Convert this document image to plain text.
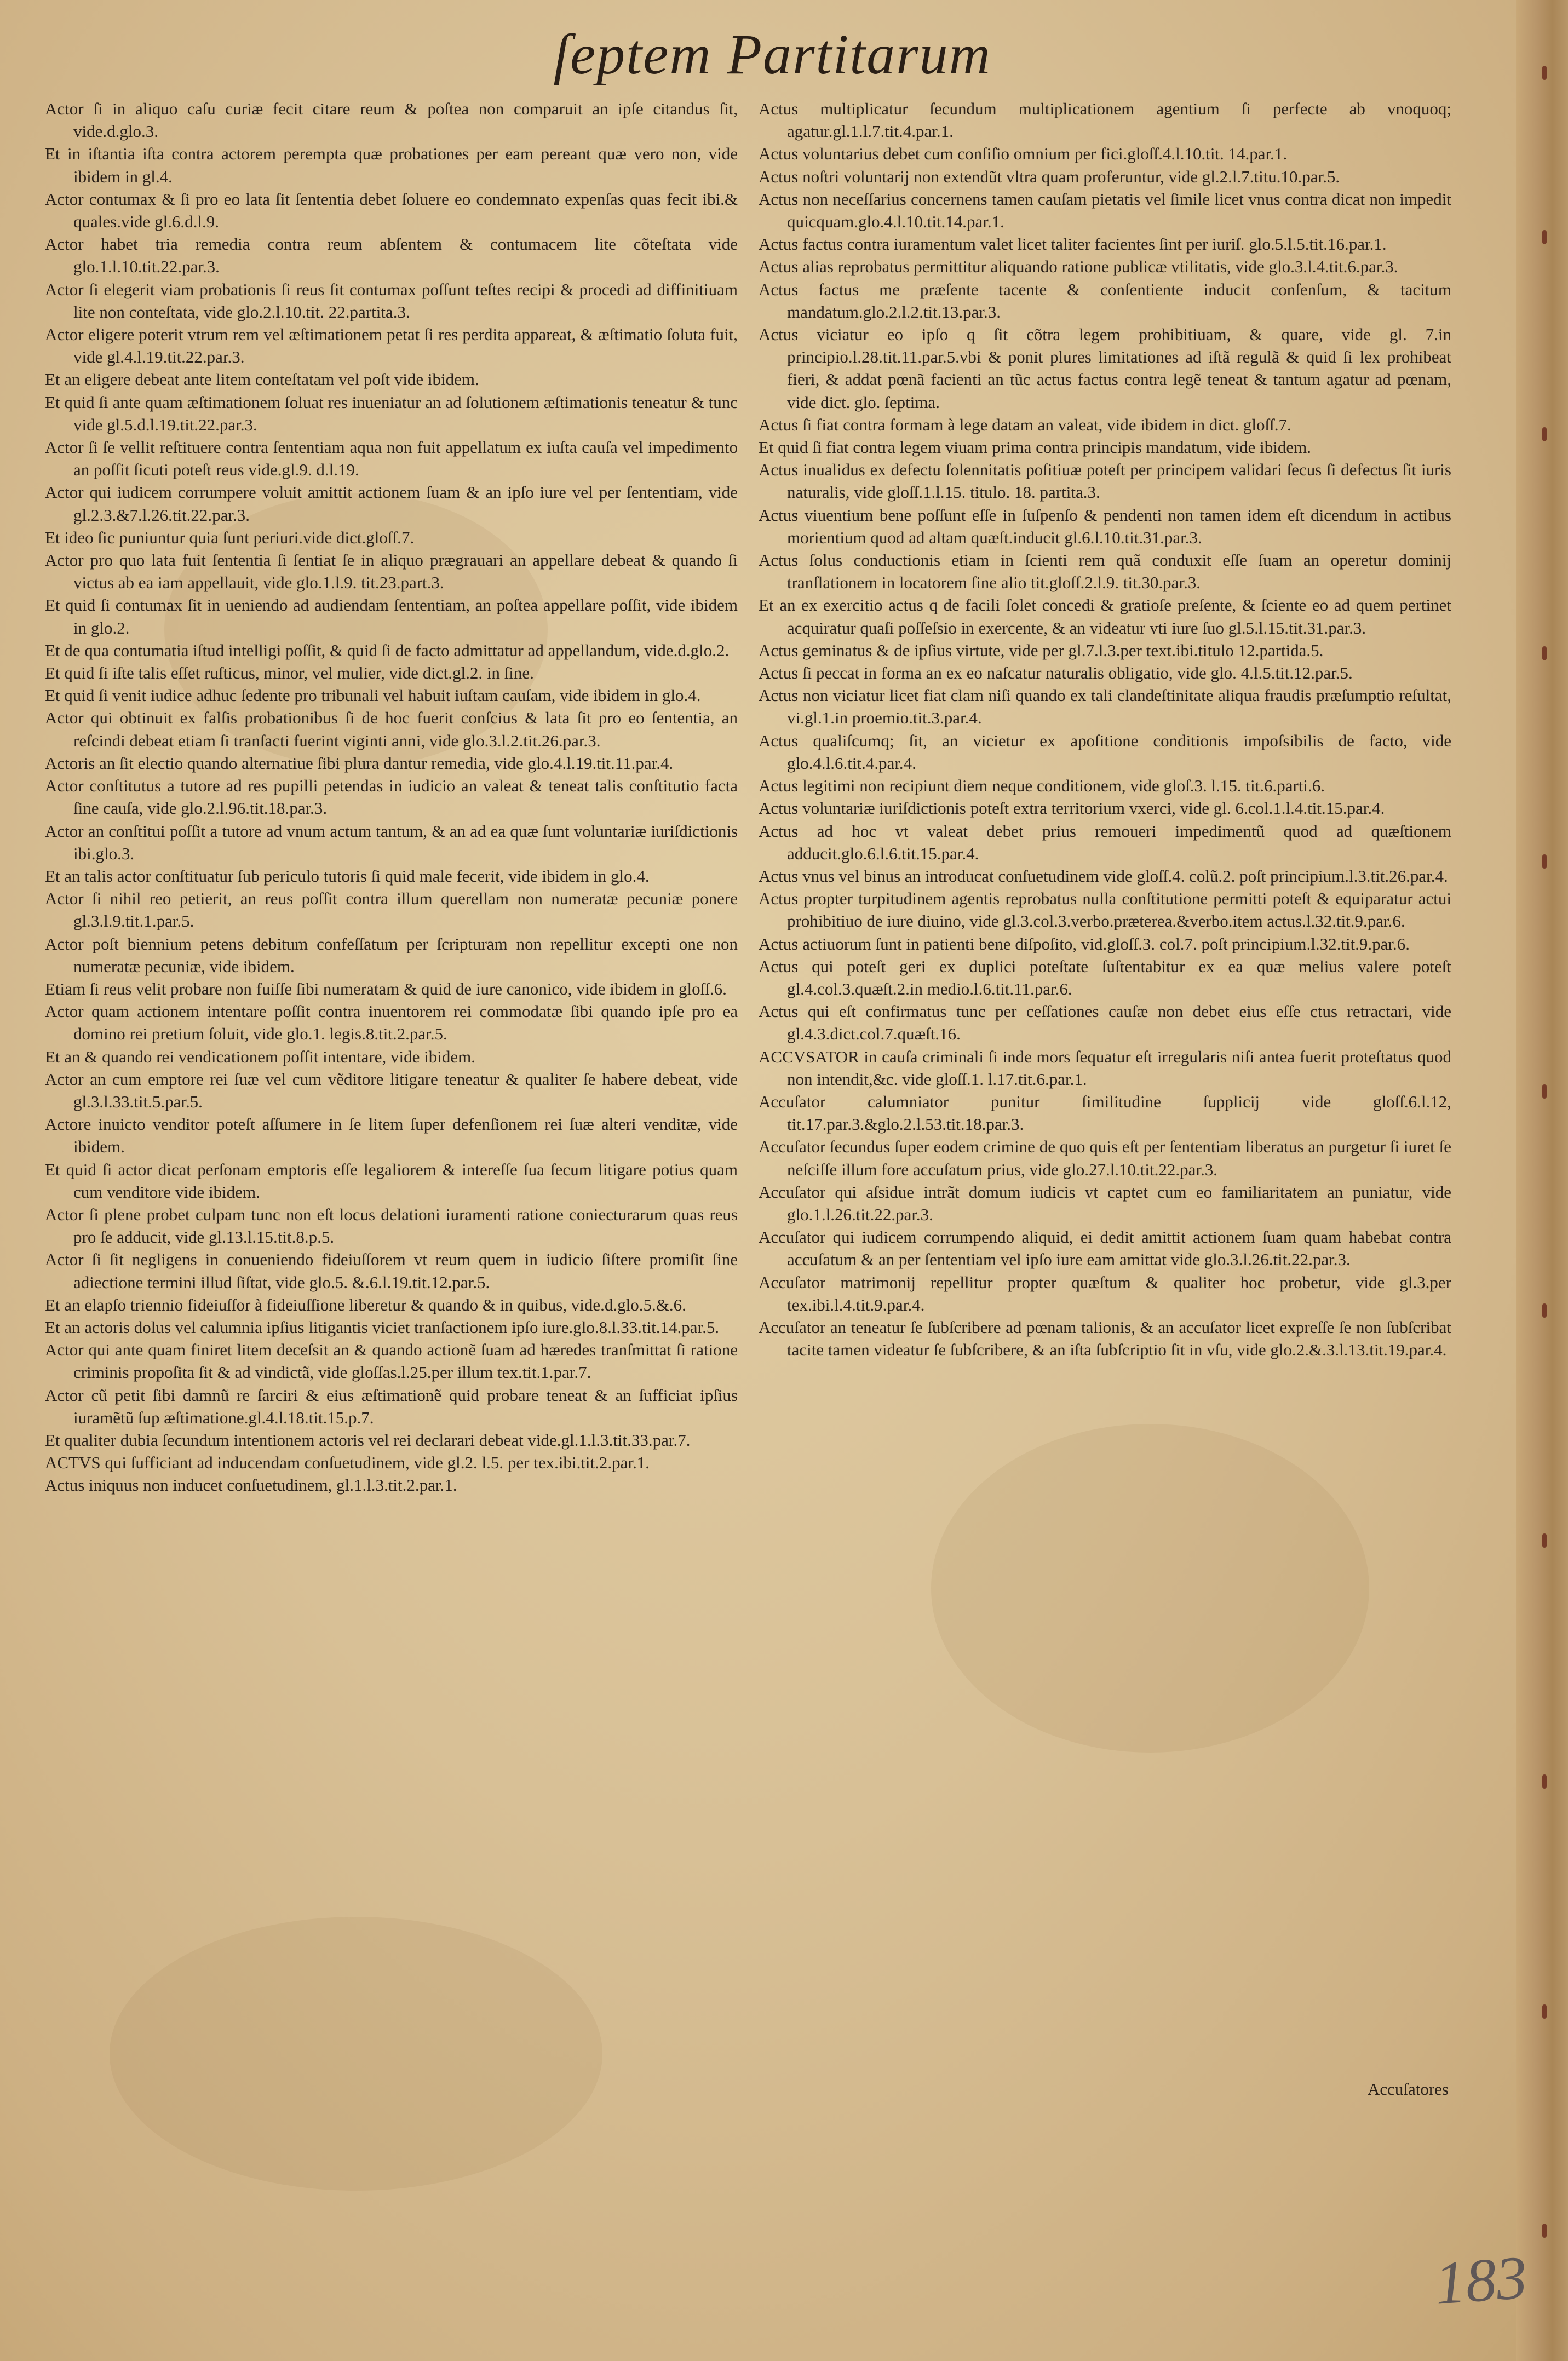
ſeptem Partitarum

Actor ſi in aliquo caſu curiæ fecit citare reum & poſtea non comparuit an ipſe citandus ſit, vide.d.glo.3.

Et in iſtantia iſta contra actorem perempta quæ probationes per eam pereant quæ vero non, vide ibidem in gl.4.

Actor contumax & ſi pro eo lata ſit ſententia debet ſoluere eo condemnato expenſas quas fecit ibi.& quales.vide gl.6.d.l.9.

Actor habet tria remedia contra reum abſentem & contumacem lite cõteſtata vide glo.1.l.10.tit.22.par.3.

Actor ſi elegerit viam probationis ſi reus ſit contumax poſſunt teſtes recipi & procedi ad diffinitiuam lite non conteſtata, vide glo.2.l.10.tit. 22.partita.3.

Actor eligere poterit vtrum rem vel æſtimationem petat ſi res perdita appareat, & æſtimatio ſoluta fuit, vide gl.4.l.19.tit.22.par.3.

Et an eligere debeat ante litem conteſtatam vel poſt vide ibidem.

Et quid ſi ante quam æſtimationem ſoluat res inueniatur an ad ſolutionem æſtimationis teneatur & tunc vide gl.5.d.l.19.tit.22.par.3.

Actor ſi ſe vellit reſtituere contra ſententiam aqua non fuit appellatum ex iuſta cauſa vel impedimento an poſſit ſicuti poteſt reus vide.gl.9. d.l.19.

Actor qui iudicem corrumpere voluit amittit actionem ſuam & an ipſo iure vel per ſententiam, vide gl.2.3.&7.l.26.tit.22.par.3.

Et ideo ſic puniuntur quia ſunt periuri.vide dict.gloſſ.7.

Actor pro quo lata fuit ſententia ſi ſentiat ſe in aliquo prægrauari an appellare debeat & quando ſi victus ab ea iam appellauit, vide glo.1.l.9. tit.23.part.3.

Et quid ſi contumax ſit in ueniendo ad audiendam ſententiam, an poſtea appellare poſſit, vide ibidem in glo.2.

Et de qua contumatia iſtud intelligi poſſit, & quid ſi de facto admittatur ad appellandum, vide.d.glo.2.

Et quid ſi iſte talis eſſet ruſticus, minor, vel mulier, vide dict.gl.2. in ſine.

Et quid ſi venit iudice adhuc ſedente pro tribunali vel habuit iuſtam cauſam, vide ibidem in glo.4.

Actor qui obtinuit ex falſis probationibus ſi de hoc fuerit conſcius & lata ſit pro eo ſententia, an reſcindi debeat etiam ſi tranſacti fuerint viginti anni, vide glo.3.l.2.tit.26.par.3.

Actoris an ſit electio quando alternatiue ſibi plura dantur remedia, vide glo.4.l.19.tit.11.par.4.

Actor conſtitutus a tutore ad res pupilli petendas in iudicio an valeat & teneat talis conſtitutio facta ſine cauſa, vide glo.2.l.96.tit.18.par.3.

Actor an conſtitui poſſit a tutore ad vnum actum tantum, & an ad ea quæ ſunt voluntariæ iuriſdictionis ibi.glo.3.

Et an talis actor conſtituatur ſub periculo tutoris ſi quid male fecerit, vide ibidem in glo.4.

Actor ſi nihil reo petierit, an reus poſſit contra illum querellam non numeratæ pecuniæ ponere gl.3.l.9.tit.1.par.5.

Actor poſt biennium petens debitum confeſſatum per ſcripturam non repellitur excepti one non numeratæ pecuniæ, vide ibidem.

Etiam ſi reus velit probare non fuiſſe ſibi numeratam & quid de iure canonico, vide ibidem in gloſſ.6.

Actor quam actionem intentare poſſit contra inuentorem rei commodatæ ſibi quando ipſe pro ea domino rei pretium ſoluit, vide glo.1. legis.8.tit.2.par.5.

Et an & quando rei vendicationem poſſit intentare, vide ibidem.

Actor an cum emptore rei ſuæ vel cum vẽditore litigare teneatur & qualiter ſe habere debeat, vide gl.3.l.33.tit.5.par.5.

Actore inuicto venditor poteſt aſſumere in ſe litem ſuper defenſionem rei ſuæ alteri venditæ, vide ibidem.

Et quid ſi actor dicat perſonam emptoris eſſe legaliorem & intereſſe ſua ſecum litigare potius quam cum venditore vide ibidem.

Actor ſi plene probet culpam tunc non eſt locus delationi iuramenti ratione coniecturarum quas reus pro ſe adducit, vide gl.13.l.15.tit.8.p.5.

Actor ſi ſit negligens in conueniendo fideiuſſorem vt reum quem in iudicio ſiſtere promiſit ſine adiectione termini illud ſiſtat, vide glo.5. &.6.l.19.tit.12.par.5.

Et an elapſo triennio fideiuſſor à fideiuſſione liberetur & quando & in quibus, vide.d.glo.5.&.6.

Et an actoris dolus vel calumnia ipſius litigantis viciet tranſactionem ipſo iure.glo.8.l.33.tit.14.par.5.

Actor qui ante quam finiret litem deceſsit an & quando actionẽ ſuam ad hæredes tranſmittat ſi ratione criminis propoſita ſit & ad vindictã, vide gloſſas.l.25.per illum tex.tit.1.par.7.

Actor cũ petit ſibi damnũ re ſarciri & eius æſtimationẽ quid probare teneat & an ſufficiat ipſius iuramẽtũ ſup æſtimatione.gl.4.l.18.tit.15.p.7.

Et qualiter dubia ſecundum intentionem actoris vel rei declarari debeat vide.gl.1.l.3.tit.33.par.7.

ACTVS qui ſufficiant ad inducendam conſuetudinem, vide gl.2. l.5. per tex.ibi.tit.2.par.1.

Actus iniquus non inducet conſuetudinem, gl.1.l.3.tit.2.par.1.

Actus multiplicatur ſecundum multiplicationem agentium ſi perfecte ab vnoquoq; agatur.gl.1.l.7.tit.4.par.1.

Actus voluntarius debet cum conſiſio omnium per fici.gloſſ.4.l.10.tit. 14.par.1.

Actus noſtri voluntarij non extendũt vltra quam proferuntur, vide gl.2.l.7.titu.10.par.5.

Actus non neceſſarius concernens tamen cauſam pietatis vel ſimile licet vnus contra dicat non impedit quicquam.glo.4.l.10.tit.14.par.1.

Actus factus contra iuramentum valet licet taliter facientes ſint per iuriſ. glo.5.l.5.tit.16.par.1.

Actus alias reprobatus permittitur aliquando ratione publicæ vtilitatis, vide glo.3.l.4.tit.6.par.3.

Actus factus me præſente tacente & conſentiente inducit conſenſum, & tacitum mandatum.glo.2.l.2.tit.13.par.3.

Actus viciatur eo ipſo q ſit cõtra legem prohibitiuam, & quare, vide gl. 7.in principio.l.28.tit.11.par.5.vbi & ponit plures limitationes ad iſtã regulã & quid ſi lex prohibeat fieri, & addat pœnã facienti an tũc actus factus contra legẽ teneat & tantum agatur ad pœnam, vide dict. glo. ſeptima.

Actus ſi fiat contra formam à lege datam an valeat, vide ibidem in dict. gloſſ.7.

Et quid ſi fiat contra legem viuam prima contra principis mandatum, vide ibidem.

Actus inualidus ex defectu ſolennitatis poſitiuæ poteſt per principem validari ſecus ſi defectus ſit iuris naturalis, vide gloſſ.1.l.15. titulo. 18. partita.3.

Actus viuentium bene poſſunt eſſe in ſuſpenſo & pendenti non tamen idem eſt dicendum in actibus morientium quod ad altam quæſt.inducit gl.6.l.10.tit.31.par.3.

Actus ſolus conductionis etiam in ſcienti rem quã conduxit eſſe ſuam an operetur dominij tranſlationem in locatorem ſine alio tit.gloſſ.2.l.9. tit.30.par.3.

Et an ex exercitio actus q de facili ſolet concedi & gratioſe preſente, & ſciente eo ad quem pertinet acquiratur quaſi poſſeſsio in exercente, & an videatur vti iure ſuo gl.5.l.15.tit.31.par.3.

Actus geminatus & de ipſius virtute, vide per gl.7.l.3.per text.ibi.titulo 12.partida.5.

Actus ſi peccat in forma an ex eo naſcatur naturalis obligatio, vide glo. 4.l.5.tit.12.par.5.

Actus non viciatur licet fiat clam niſi quando ex tali clandeſtinitate aliqua fraudis præſumptio reſultat, vi.gl.1.in proemio.tit.3.par.4.

Actus qualiſcumq; ſit, an vicietur ex apoſitione conditionis impoſsibilis de facto, vide glo.4.l.6.tit.4.par.4.

Actus legitimi non recipiunt diem neque conditionem, vide gloſ.3. l.15. tit.6.parti.6.

Actus voluntariæ iuriſdictionis poteſt extra territorium vxerci, vide gl. 6.col.1.l.4.tit.15.par.4.

Actus ad hoc vt valeat debet prius remoueri impedimentũ quod ad quæſtionem adducit.glo.6.l.6.tit.15.par.4.

Actus vnus vel binus an introducat conſuetudinem vide gloſſ.4. colũ.2. poſt principium.l.3.tit.26.par.4.

Actus propter turpitudinem agentis reprobatus nulla conſtitutione permitti poteſt & equiparatur actui prohibitiuo de iure diuino, vide gl.3.col.3.verbo.præterea.&verbo.item actus.l.32.tit.9.par.6.

Actus actiuorum ſunt in patienti bene diſpoſito, vid.gloſſ.3. col.7. poſt principium.l.32.tit.9.par.6.

Actus qui poteſt geri ex duplici poteſtate ſuſtentabitur ex ea quæ melius valere poteſt gl.4.col.3.quæſt.2.in medio.l.6.tit.11.par.6.

Actus qui eſt confirmatus tunc per ceſſationes cauſæ non debet eius eſſe ctus retractari, vide gl.4.3.dict.col.7.quæſt.16.

ACCVSATOR in cauſa criminali ſi inde mors ſequatur eſt irregularis niſi antea fuerit proteſtatus quod non intendit,&c. vide gloſſ.1. l.17.tit.6.par.1.

Accuſator calumniator punitur ſimilitudine ſupplicij vide gloſſ.6.l.12, tit.17.par.3.&glo.2.l.53.tit.18.par.3.

Accuſator ſecundus ſuper eodem crimine de quo quis eſt per ſententiam liberatus an purgetur ſi iuret ſe neſciſſe illum fore accuſatum prius, vide glo.27.l.10.tit.22.par.3.

Accuſator qui aſsidue intrãt domum iudicis vt captet cum eo familiaritatem an puniatur, vide glo.1.l.26.tit.22.par.3.

Accuſator qui iudicem corrumpendo aliquid, ei dedit amittit actionem ſuam quam habebat contra accuſatum & an per ſententiam vel ipſo iure eam amittat vide glo.3.l.26.tit.22.par.3.

Accuſator matrimonij repellitur propter quæſtum & qualiter hoc probetur, vide gl.3.per tex.ibi.l.4.tit.9.par.4.

Accuſator an teneatur ſe ſubſcribere ad pœnam talionis, & an accuſator licet expreſſe ſe non ſubſcribat tacite tamen videatur ſe ſubſcribere, & an iſta ſubſcriptio ſit in vſu, vide glo.2.&.3.l.13.tit.19.par.4.

Accuſatores
183
